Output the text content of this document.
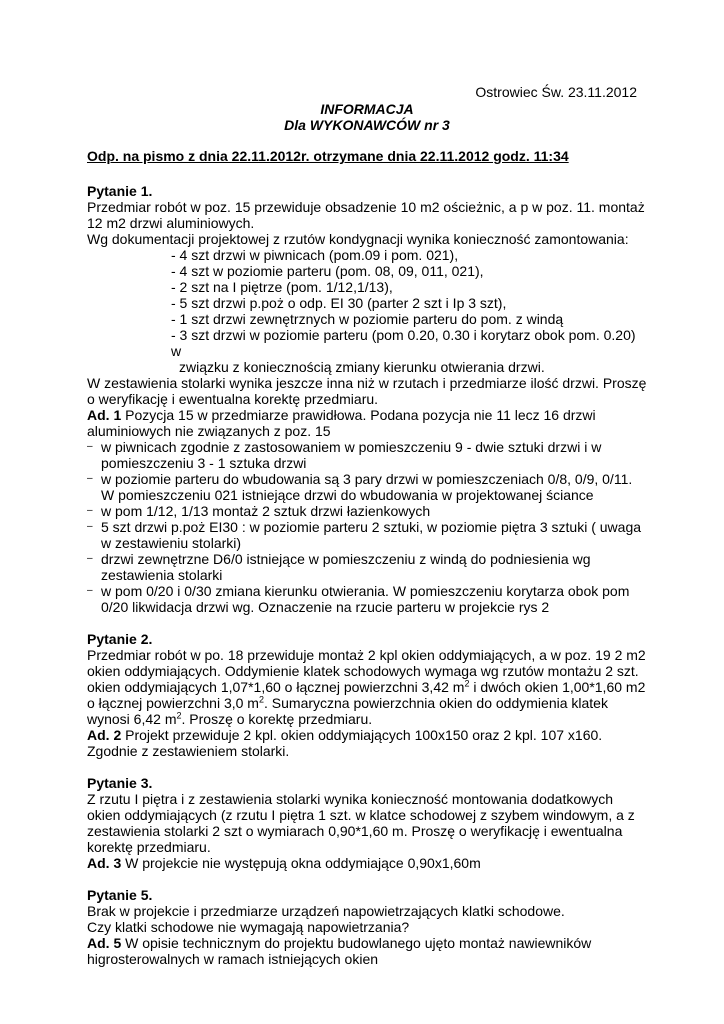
Ostrowiec Św. 23.11.2012
INFORMACJA
Dla WYKONAWCÓW nr 3
Odp. na pismo z dnia 22.11.2012r. otrzymane dnia 22.11.2012 godz. 11:34
Pytanie 1.

Przedmiar robót w poz. 15 przewiduje obsadzenie 10 m2 ościeżnic, a p w poz. 11. montaż 12 m2 drzwi aluminiowych.

Wg dokumentacji projektowej z rzutów kondygnacji wynika konieczność zamontowania:

- 4 szt drzwi w piwnicach (pom.09 i pom. 021),
- 4 szt w poziomie parteru (pom. 08, 09, 011, 021),
- 2 szt na I piętrze (pom. 1/12,1/13),
- 5 szt drzwi p.poż o odp. EI 30 (parter 2 szt i Ip 3 szt),
- 1 szt drzwi zewnętrznych w poziomie parteru do pom. z windą
- 3 szt drzwi w poziomie parteru (pom 0.20, 0.30 i korytarz obok pom. 0.20) w
związku z koniecznością zmiany kierunku otwierania drzwi.

W zestawienia stolarki wynika jeszcze inna niż w rzutach i przedmiarze ilość drzwi. Proszę o weryfikację i ewentualna korektę przedmiaru.

Ad. 1 Pozycja 15 w przedmiarze prawidłowa. Podana pozycja nie 11 lecz 16 drzwi aluminiowych nie związanych z poz. 15

– w piwnicach zgodnie z zastosowaniem w pomieszczeniu 9 - dwie sztuki drzwi i w pomieszczeniu 3 - 1 sztuka drzwi
– w poziomie parteru do wbudowania są 3 pary drzwi w pomieszczeniach 0/8, 0/9, 0/11. W pomieszczeniu 021 istniejące drzwi do wbudowania w projektowanej ściance
– w pom 1/12, 1/13 montaż 2 sztuk drzwi łazienkowych
– 5 szt drzwi p.poż EI30 : w poziomie parteru 2 sztuki, w poziomie piętra 3 sztuki ( uwaga w zestawieniu stolarki)
– drzwi zewnętrzne D6/0 istniejące w pomieszczeniu z windą do podniesienia wg zestawienia stolarki
– w pom 0/20 i 0/30 zmiana kierunku otwierania. W pomieszczeniu korytarza obok pom 0/20 likwidacja drzwi wg. Oznaczenie na rzucie parteru w projekcie rys 2
Pytanie 2.

Przedmiar robót w po. 18 przewiduje montaż 2 kpl okien oddymiających, a w poz. 19 2 m2 okien oddymiających. Oddymienie klatek schodowych wymaga wg rzutów montażu 2 szt. okien oddymiających 1,07*1,60 o łącznej powierzchni 3,42 $m^2$ i dwóch okien 1,00*1,60 m2 o łącznej powierzchni 3,0 $m^2$. Sumaryczna powierzchnia okien do oddymienia klatek wynosi 6,42 $m^2$. Proszę o korektę przedmiaru.

Ad. 2 Projekt przewiduje 2 kpl. okien oddymiających 100x150 oraz 2 kpl. 107 x160. Zgodnie z zestawieniem stolarki.

Pytanie 3.

Z rzutu I piętra i z zestawienia stolarki wynika konieczność montowania dodatkowych okien oddymiających (z rzutu I piętra 1 szt. w klatce schodowej z szybem windowym, a z zestawienia stolarki 2 szt o wymiarach 0,90*1,60 m. Proszę o weryfikację i ewentualna korektę przedmiaru.

Ad. 3 W projekcie nie występują okna oddymiające 0,90x1,60m

Pytanie 5.

Brak w projekcie i przedmiarze urządzeń napowietrzających klatki schodowe.

Czy klatki schodowe nie wymagają napowietrzania?

Ad. 5 W opisie technicznym do projektu budowlanego ujęto montaż nawiewników higrosterowalnych w ramach istniejących okien
